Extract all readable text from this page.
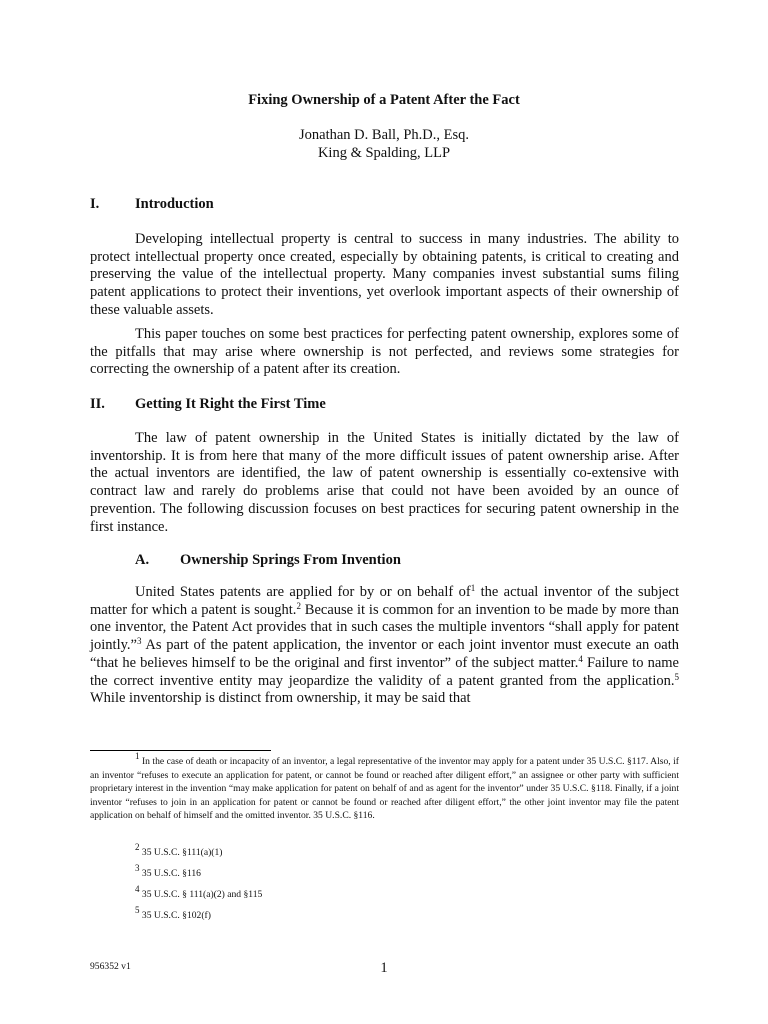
Fixing Ownership of a Patent After the Fact
Jonathan D. Ball, Ph.D., Esq.
King & Spalding, LLP
I. Introduction

Developing intellectual property is central to success in many industries. The ability to protect intellectual property once created, especially by obtaining patents, is critical to creating and preserving the value of the intellectual property. Many companies invest substantial sums filing patent applications to protect their inventions, yet overlook important aspects of their ownership of these valuable assets.

This paper touches on some best practices for perfecting patent ownership, explores some of the pitfalls that may arise where ownership is not perfected, and reviews some strategies for correcting the ownership of a patent after its creation.

II. Getting It Right the First Time

The law of patent ownership in the United States is initially dictated by the law of inventorship. It is from here that many of the more difficult issues of patent ownership arise. After the actual inventors are identified, the law of patent ownership is essentially co-extensive with contract law and rarely do problems arise that could not have been avoided by an ounce of prevention. The following discussion focuses on best practices for securing patent ownership in the first instance.

A. Ownership Springs From Invention

United States patents are applied for by or on behalf $of^1$ the actual inventor of the subject matter for which a patent is sought.$^2$ Because it is common for an invention to be made by more than one inventor, the Patent Act provides that in such cases the multiple inventors “shall apply for patent jointly.”$^3$ As part of the patent application, the inventor or each joint inventor must execute an oath “that he believes himself to be the original and first inventor” of the subject matter.$^4$ Failure to name the correct inventive entity may jeopardize the validity of a patent granted from the application.$^5$ While inventorship is distinct from ownership, it may be said that

$^1$ In the case of death or incapacity of an inventor, a legal representative of the inventor may apply for a patent under 35 U.S.C. §117. Also, if an inventor “refuses to execute an application for patent, or cannot be found or reached after diligent effort,” an assignee or other party with sufficient proprietary interest in the invention “may make application for patent on behalf of and as agent for the inventor” under 35 U.S.C. §118. Finally, if a joint inventor “refuses to join in an application for patent or cannot be found or reached after diligent effort,” the other joint inventor may file the patent application on behalf of himself and the omitted inventor. 35 U.S.C. §116.

$^2$ 35 U.S.C. §111(a)(1)
$^3$ 35 U.S.C. §116
$^4$ 35 U.S.C. § 111(a)(2) and §115
$^5$ 35 U.S.C. §102(f)
956352 v1	1
